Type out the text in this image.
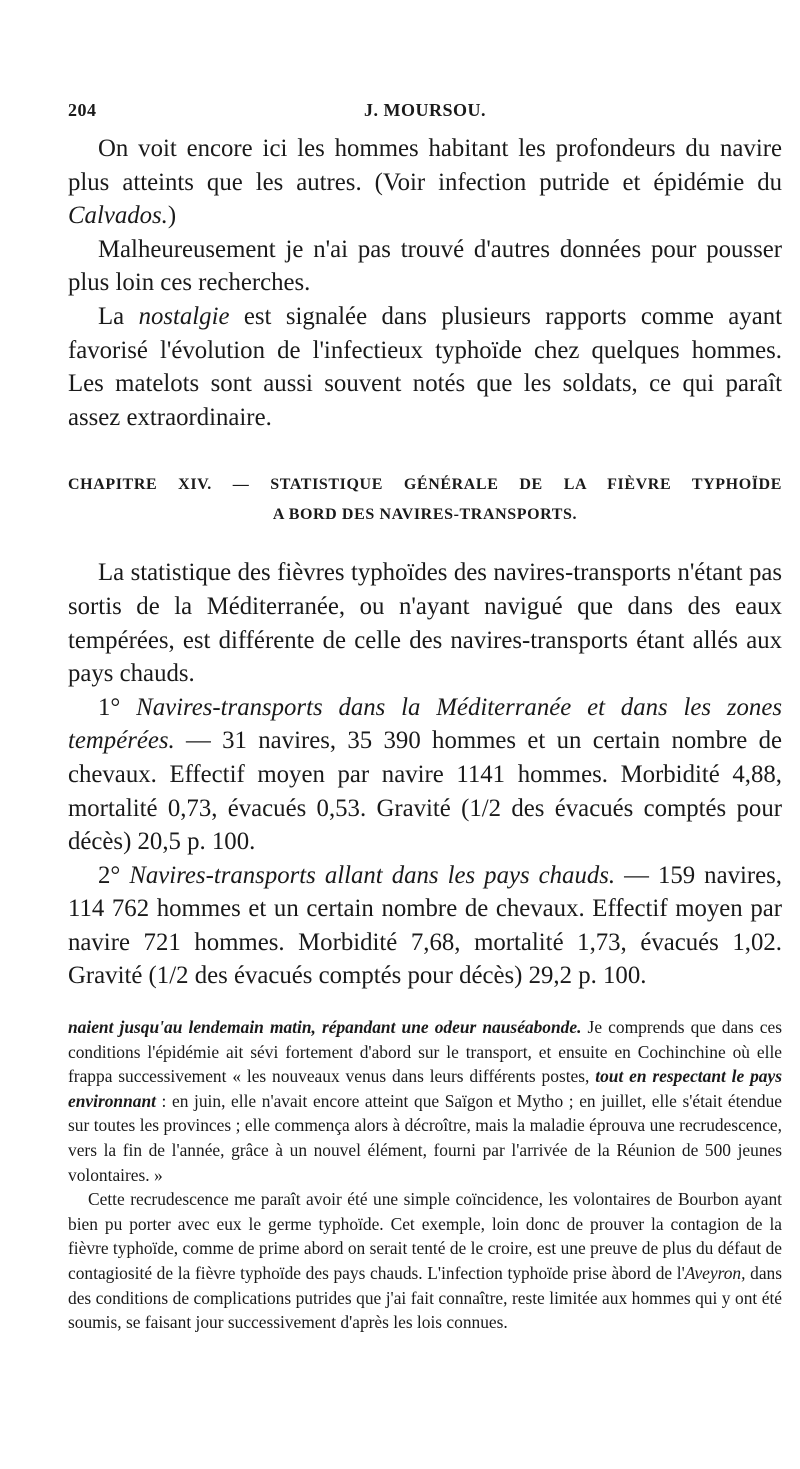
204	J. MOURSOU.

On voit encore ici les hommes habitant les profondeurs du navire plus atteints que les autres. (Voir infection putride et épidémie du Calvados.)

Malheureusement je n'ai pas trouvé d'autres données pour pousser plus loin ces recherches.

La nostalgie est signalée dans plusieurs rapports comme ayant favorisé l'évolution de l'infectieux typhoïde chez quelques hommes. Les matelots sont aussi souvent notés que les soldats, ce qui paraît assez extraordinaire.

CHAPITRE XIV. — STATISTIQUE GÉNÉRALE DE LA FIÈVRE TYPHOÏDE
A BORD DES NAVIRES-TRANSPORTS.

La statistique des fièvres typhoïdes des navires-transports n'étant pas sortis de la Méditerranée, ou n'ayant navigué que dans des eaux tempérées, est différente de celle des navires-transports étant allés aux pays chauds.

1° Navires-transports dans la Méditerranée et dans les zones tempérées. — 31 navires, 35 390 hommes et un certain nombre de chevaux. Effectif moyen par navire 1141 hommes. Morbidité 4,88, mortalité 0,73, évacués 0,53. Gravité (1/2 des évacués comptés pour décès) 20,5 p. 100.

2° Navires-transports allant dans les pays chauds. — 159 navires, 114 762 hommes et un certain nombre de chevaux. Effectif moyen par navire 721 hommes. Morbidité 7,68, mortalité 1,73, évacués 1,02. Gravité (1/2 des évacués comptés pour décès) 29,2 p. 100.

naient jusqu'au lendemain matin, répandant une odeur nauséabonde. Je comprends que dans ces conditions l'épidémie ait sévi fortement d'abord sur le transport, et ensuite en Cochinchine où elle frappa successivement « les nouveaux venus dans leurs différents postes, tout en respectant le pays environnant : en juin, elle n'avait encore atteint que Saïgon et Mytho ; en juillet, elle s'était étendue sur toutes les provinces ; elle commença alors à décroître, mais la maladie éprouva une recrudescence, vers la fin de l'année, grâce à un nouvel élément, fourni par l'arrivée de la Réunion de 500 jeunes volontaires. »

Cette recrudescence me paraît avoir été une simple coïncidence, les volontaires de Bourbon ayant bien pu porter avec eux le germe typhoïde. Cet exemple, loin donc de prouver la contagion de la fièvre typhoïde, comme de prime abord on serait tenté de le croire, est une preuve de plus du défaut de contagiosité de la fièvre typhoïde des pays chauds. L'infection typhoïde prise àbord de l'Aveyron, dans des conditions de complications putrides que j'ai fait connaître, reste limitée aux hommes qui y ont été soumis, se faisant jour successivement d'après les lois connues.
